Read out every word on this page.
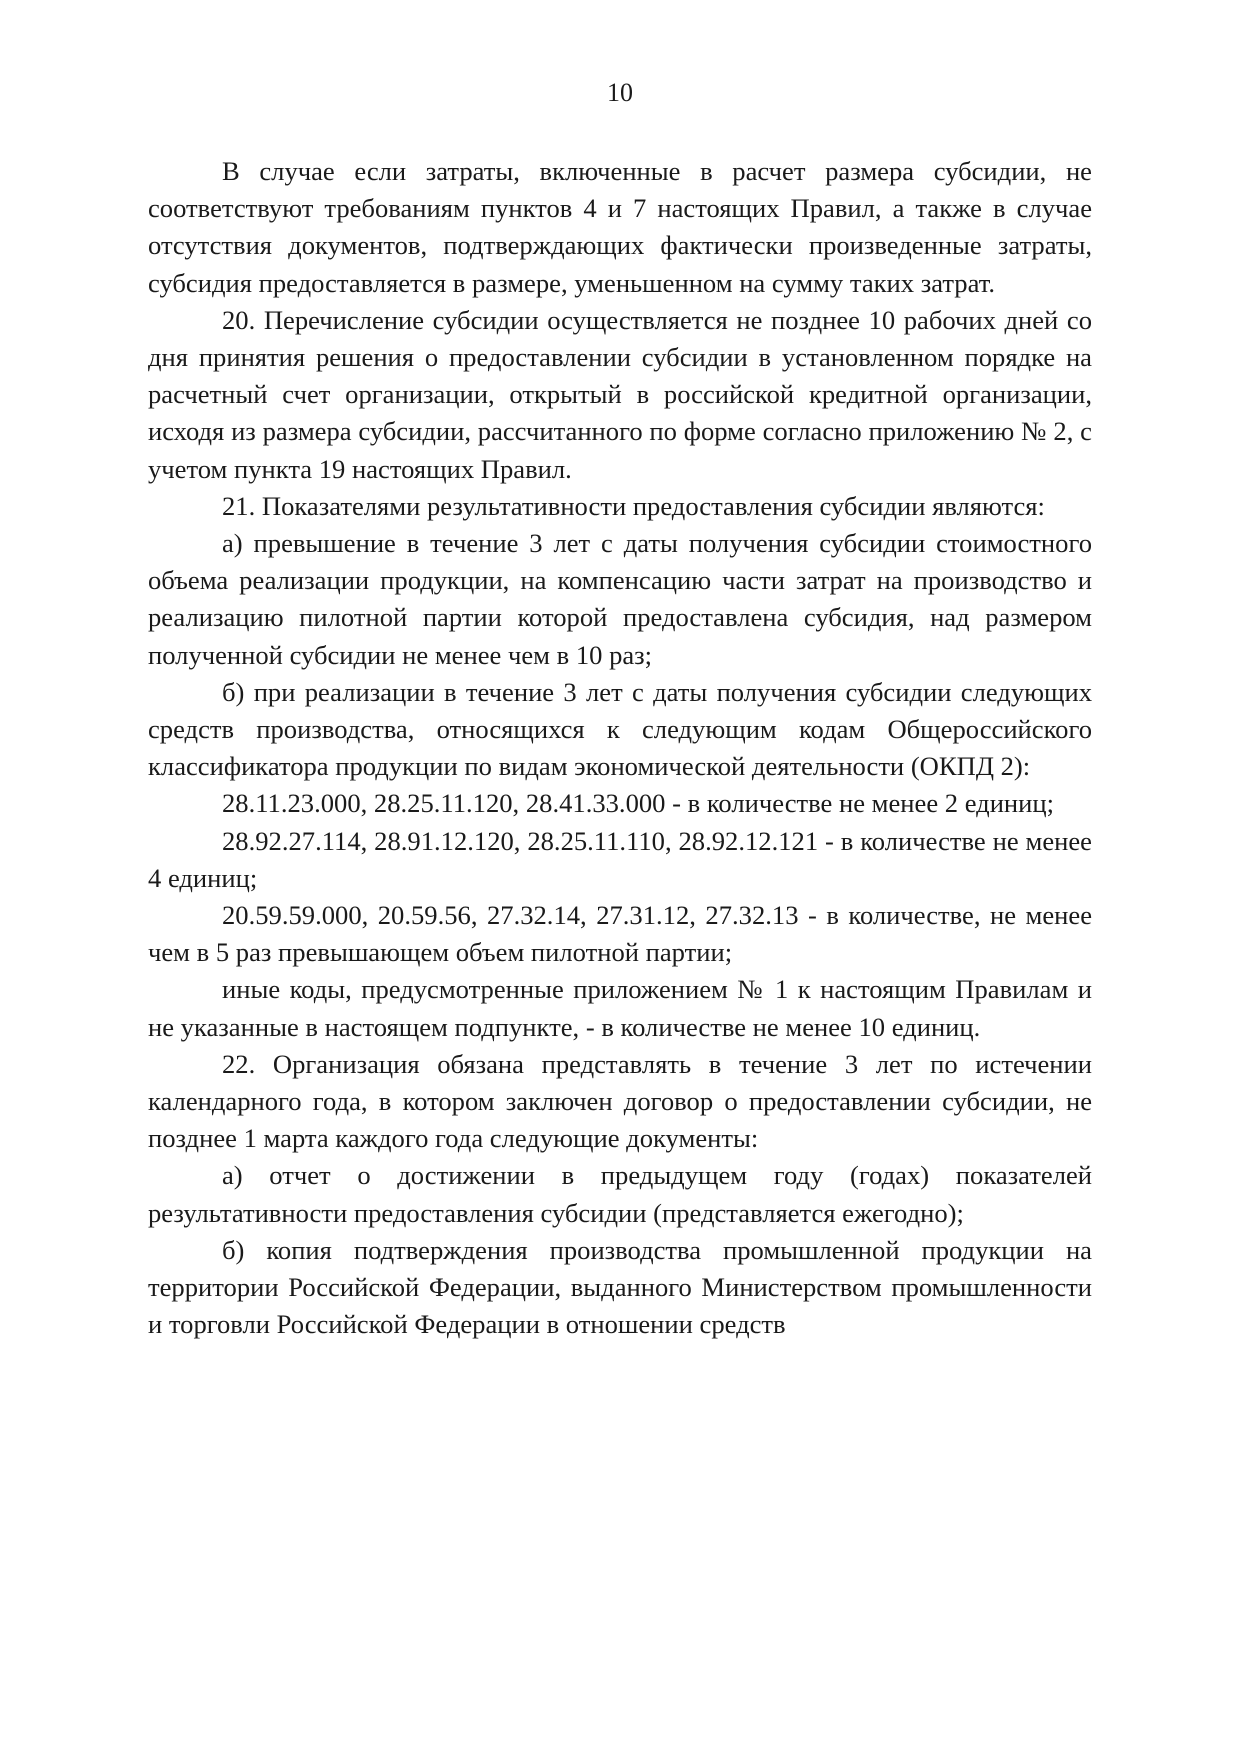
10

В случае если затраты, включенные в расчет размера субсидии, не соответствуют требованиям пунктов 4 и 7 настоящих Правил, а также в случае отсутствия документов, подтверждающих фактически произведенные затраты, субсидия предоставляется в размере, уменьшенном на сумму таких затрат.

20. Перечисление субсидии осуществляется не позднее 10 рабочих дней со дня принятия решения о предоставлении субсидии в установленном порядке на расчетный счет организации, открытый в российской кредитной организации, исходя из размера субсидии, рассчитанного по форме согласно приложению № 2, с учетом пункта 19 настоящих Правил.

21. Показателями результативности предоставления субсидии являются:

а) превышение в течение 3 лет с даты получения субсидии стоимостного объема реализации продукции, на компенсацию части затрат на производство и реализацию пилотной партии которой предоставлена субсидия, над размером полученной субсидии не менее чем в 10 раз;

б) при реализации в течение 3 лет с даты получения субсидии следующих средств производства, относящихся к следующим кодам Общероссийского классификатора продукции по видам экономической деятельности (ОКПД 2):

28.11.23.000, 28.25.11.120, 28.41.33.000 - в количестве не менее 2 единиц;

28.92.27.114, 28.91.12.120, 28.25.11.110, 28.92.12.121 - в количестве не менее 4 единиц;

20.59.59.000, 20.59.56, 27.32.14, 27.31.12, 27.32.13 - в количестве, не менее чем в 5 раз превышающем объем пилотной партии;

иные коды, предусмотренные приложением № 1 к настоящим Правилам и не указанные в настоящем подпункте, - в количестве не менее 10 единиц.

22. Организация обязана представлять в течение 3 лет по истечении календарного года, в котором заключен договор о предоставлении субсидии, не позднее 1 марта каждого года следующие документы:

а) отчет о достижении в предыдущем году (годах) показателей результативности предоставления субсидии (представляется ежегодно);

б) копия подтверждения производства промышленной продукции на территории Российской Федерации, выданного Министерством промышленности и торговли Российской Федерации в отношении средств
